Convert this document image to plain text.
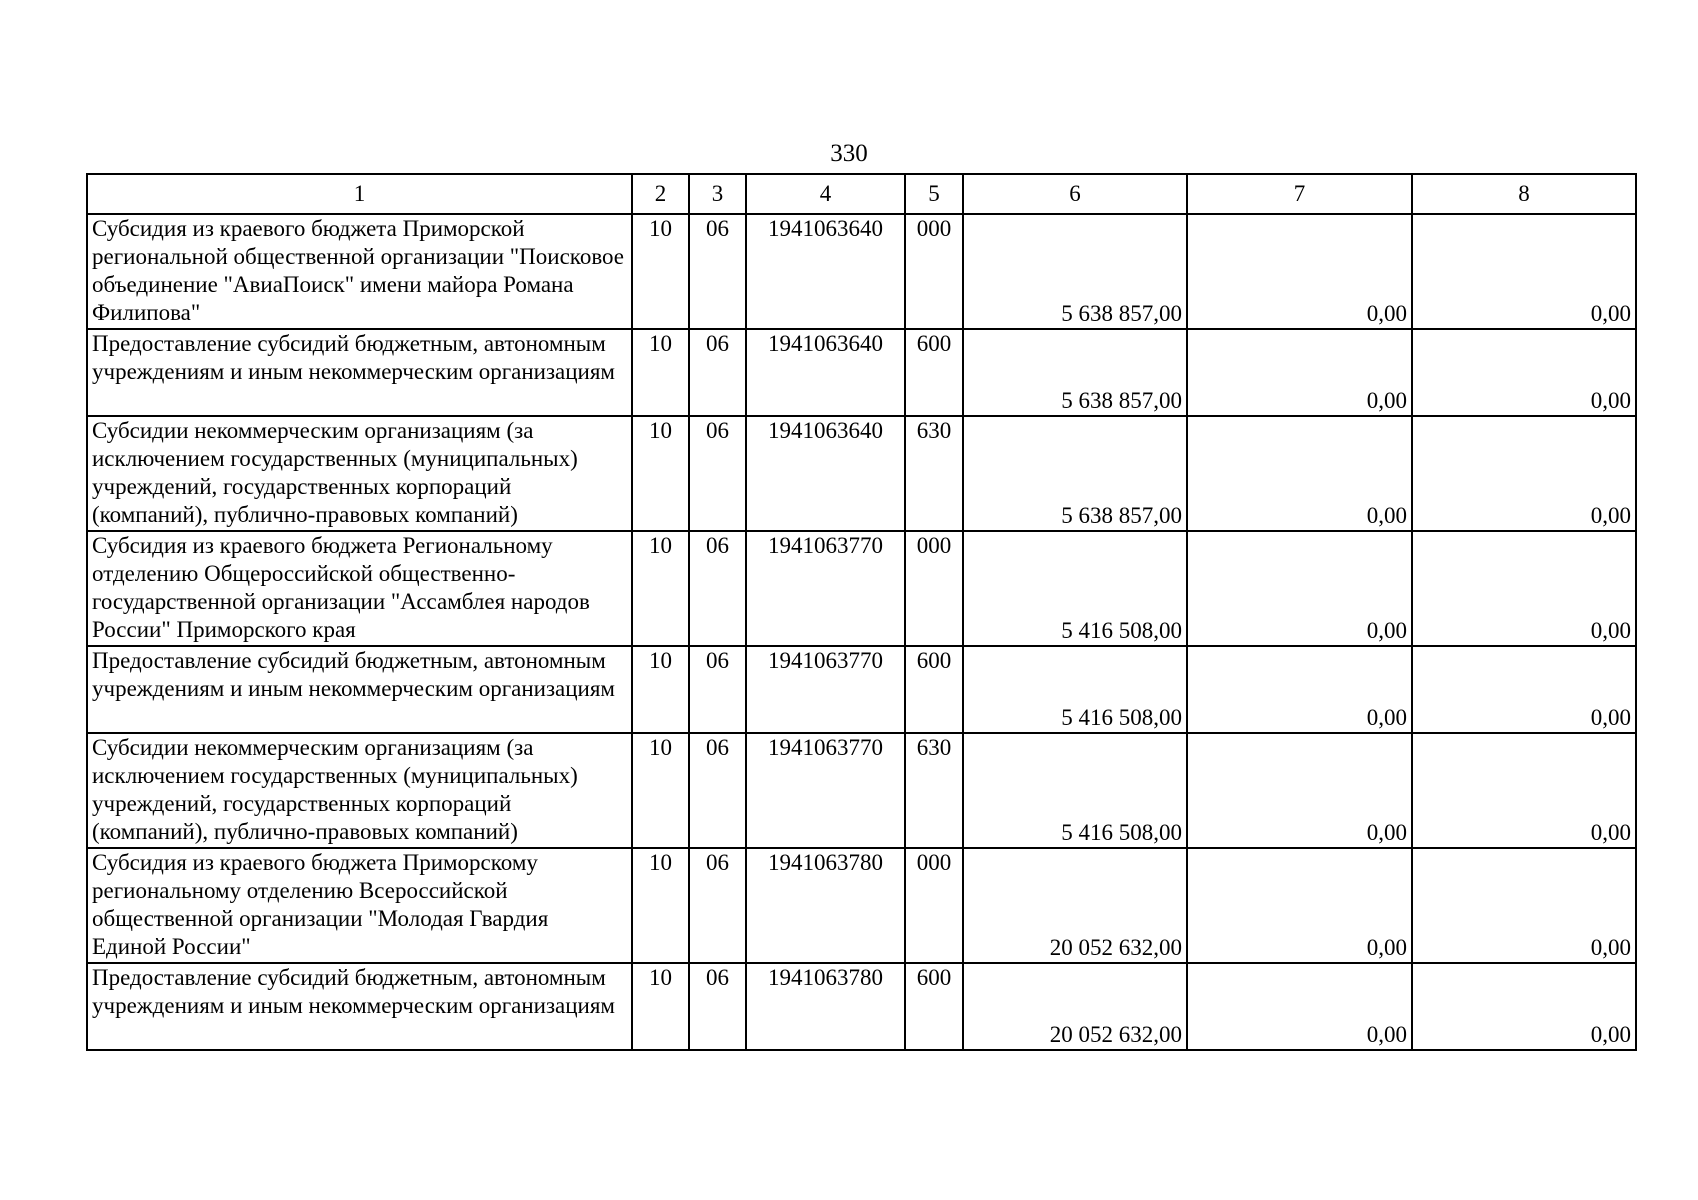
330
1	2	3	4	5	6	7	8
Субсидия из краевого бюджета Приморской региональной общественной организации "Поисковое объединение "АвиаПоиск" имени майора Романа Филипова"	10	06	1941063640	000	5 638 857,00	0,00	0,00
Предоставление субсидий бюджетным, автономным учреждениям и иным некоммерческим организациям	10	06	1941063640	600	5 638 857,00	0,00	0,00
Субсидии некоммерческим организациям (за исключением государственных (муниципальных) учреждений, государственных корпораций (компаний), публично-правовых компаний)	10	06	1941063640	630	5 638 857,00	0,00	0,00
Субсидия из краевого бюджета Региональному отделению Общероссийской общественно-государственной организации "Ассамблея народов России" Приморского края	10	06	1941063770	000	5 416 508,00	0,00	0,00
Предоставление субсидий бюджетным, автономным учреждениям и иным некоммерческим организациям	10	06	1941063770	600	5 416 508,00	0,00	0,00
Субсидии некоммерческим организациям (за исключением государственных (муниципальных) учреждений, государственных корпораций (компаний), публично-правовых компаний)	10	06	1941063770	630	5 416 508,00	0,00	0,00
Субсидия из краевого бюджета Приморскому региональному отделению Всероссийской общественной организации "Молодая Гвардия Единой России"	10	06	1941063780	000	20 052 632,00	0,00	0,00
Предоставление субсидий бюджетным, автономным учреждениям и иным некоммерческим организациям	10	06	1941063780	600	20 052 632,00	0,00	0,00
